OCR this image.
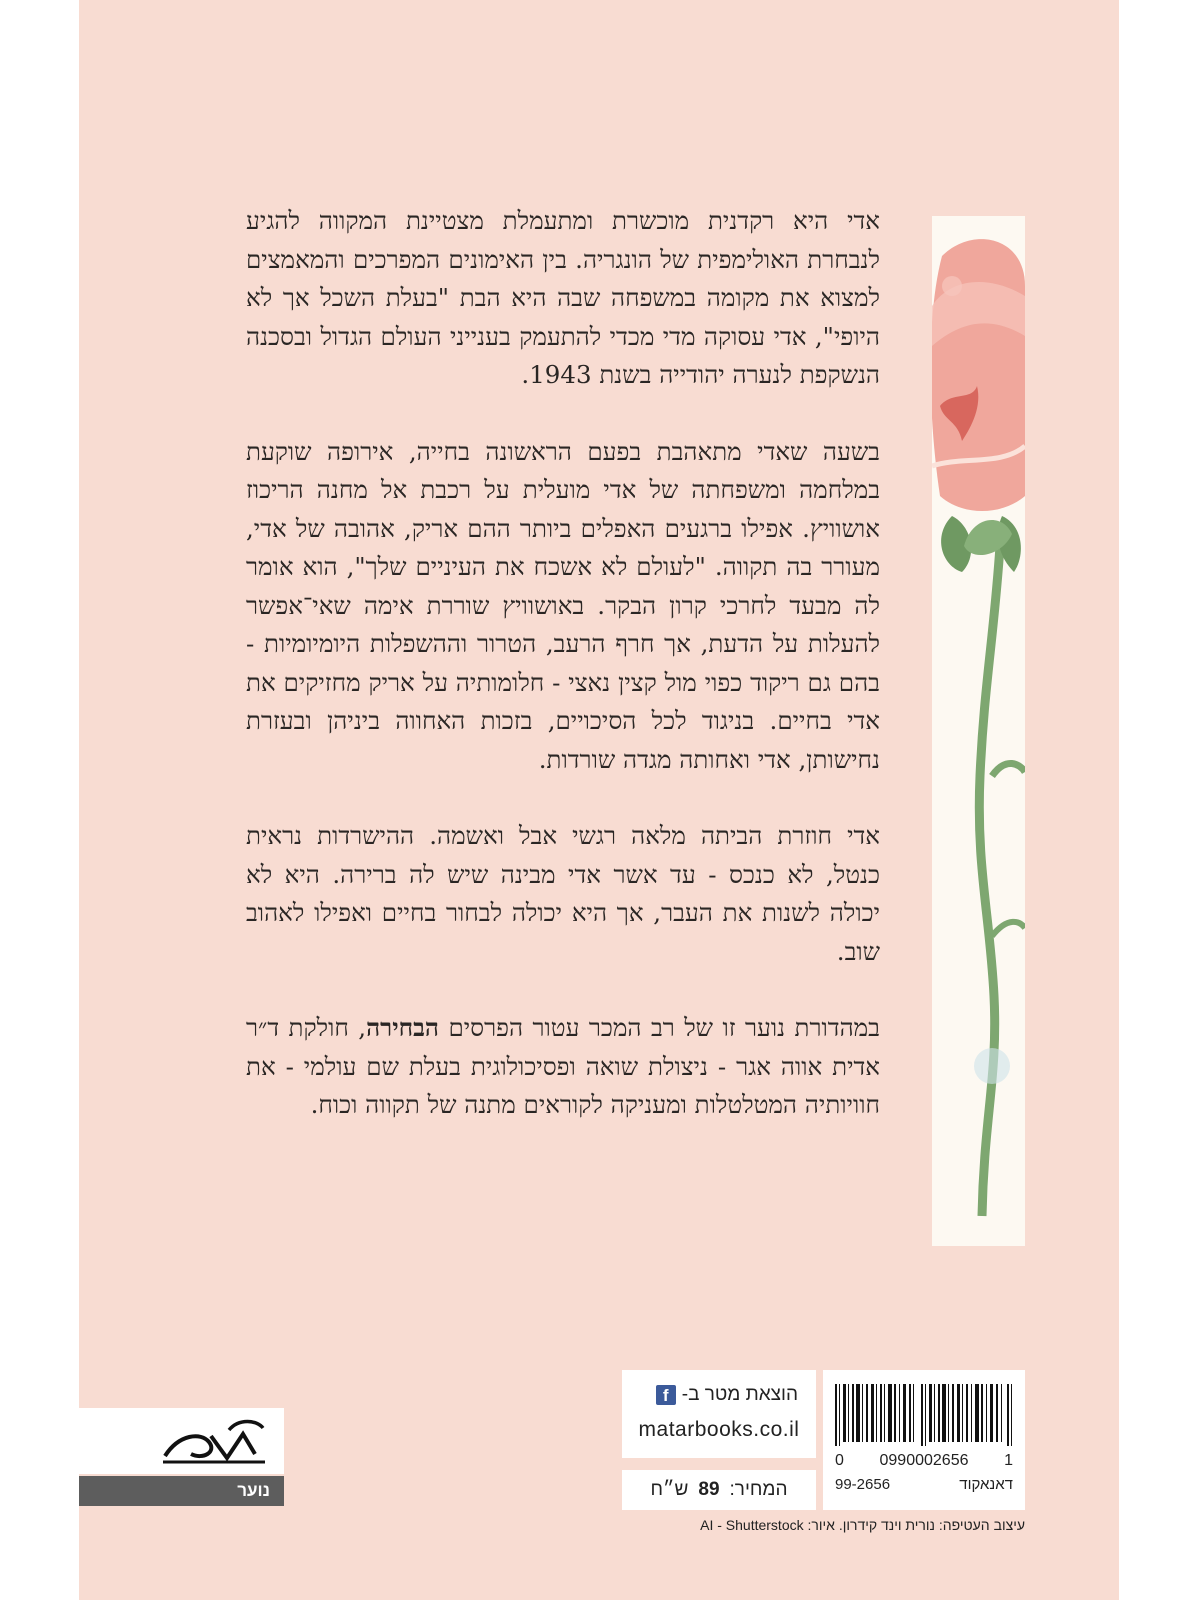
אדי היא רקדנית מוכשרת ומתעמלת מצטיינת המקווה להגיע לנבחרת האולימפית של הונגריה. בין האימונים המפרכים והמאמצים למצוא את מקומה במשפחה שבה היא הבת "בעלת השכל אך לא היופי", אדי עסוקה מדי מכדי להתעמק בענייני העולם הגדול ובסכנה הנשקפת לנערה יהודייה בשנת 1943.

בשעה שאדי מתאהבת בפעם הראשונה בחייה, אירופה שוקעת במלחמה ומשפחתה של אדי מועלית על רכבת אל מחנה הריכוז אושוויץ. אפילו ברגעים האפלים ביותר ההם אריק, אהובה של אדי, מעורר בה תקווה. "לעולם לא אשכח את העיניים שלך", הוא אומר לה מבעד לחרכי קרון הבקר. באושוויץ שוררת אימה שאי־אפשר להעלות על הדעת, אך חרף הרעב, הטרור וההשפלות היומיומיות - בהם גם ריקוד כפוי מול קצין נאצי - חלומותיה על אריק מחזיקים את אדי בחיים. בניגוד לכל הסיכויים, בזכות האחווה ביניהן ובעזרת נחישותן, אדי ואחותה מגדה שורדות.

אדי חוזרת הביתה מלאה רגשי אבל ואשמה. ההישרדות נראית כנטל, לא כנכס - עד אשר אדי מבינה שיש לה ברירה. היא לא יכולה לשנות את העבר, אך היא יכולה לבחור בחיים ואפילו לאהוב שוב.

במהדורת נוער זו של רב המכר עטור הפרסים הבחירה, חולקת ד״ר אדית אווה אגר - ניצולת שואה ופסיכולוגית בעלת שם עולמי - את חוויותיה המטלטלות ומעניקה לקוראים מתנה של תקווה וכוח.

0 0990002656 1
דאנאקוד
99-2656
הוצאת מטר ב-
f
matarbooks.co.il
המחיר:
89
ש״ח
עיצוב העטיפה: נורית וינד קידרון. איור: AI - Shutterstock
נוער
